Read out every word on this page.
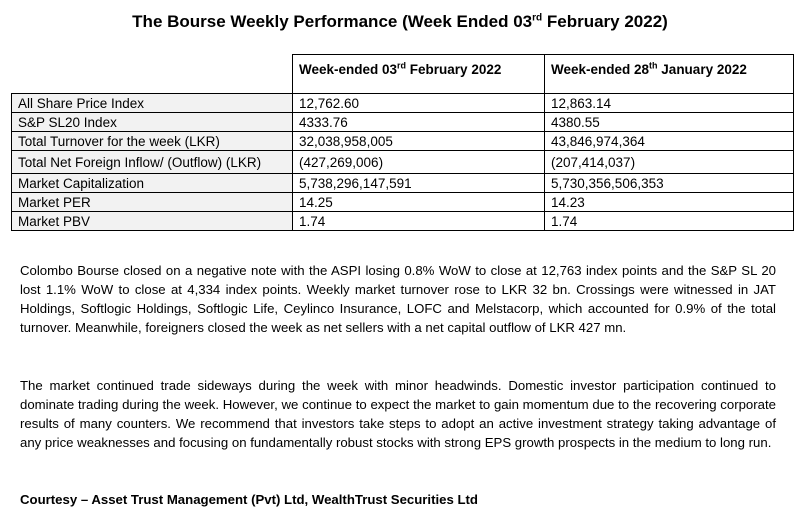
The Bourse Weekly Performance (Week Ended 03rd February 2022)
	Week-ended 03rd February 2022	Week-ended 28th January 2022
All Share Price Index	12,762.60	12,863.14
S&P SL20 Index	4333.76	4380.55
Total Turnover for the week (LKR)	32,038,958,005	43,846,974,364
Total Net Foreign Inflow/ (Outflow) (LKR)	(427,269,006)	(207,414,037)
Market Capitalization	5,738,296,147,591	5,730,356,506,353
Market PER	14.25	14.23
Market PBV	1.74	1.74

Colombo Bourse closed on a negative note with the ASPI losing 0.8% WoW to close at 12,763 index points and the S&P SL 20 lost 1.1% WoW to close at 4,334 index points. Weekly market turnover rose to LKR 32 bn. Crossings were witnessed in JAT Holdings, Softlogic Holdings, Softlogic Life, Ceylinco Insurance, LOFC and Melstacorp, which accounted for 0.9% of the total turnover. Meanwhile, foreigners closed the week as net sellers with a net capital outflow of LKR 427 mn.

The market continued trade sideways during the week with minor headwinds. Domestic investor participation continued to dominate trading during the week. However, we continue to expect the market to gain momentum due to the recovering corporate results of many counters. We recommend that investors take steps to adopt an active investment strategy taking advantage of any price weaknesses and focusing on fundamentally robust stocks with strong EPS growth prospects in the medium to long run.

Courtesy – Asset Trust Management (Pvt) Ltd, WealthTrust Securities Ltd
